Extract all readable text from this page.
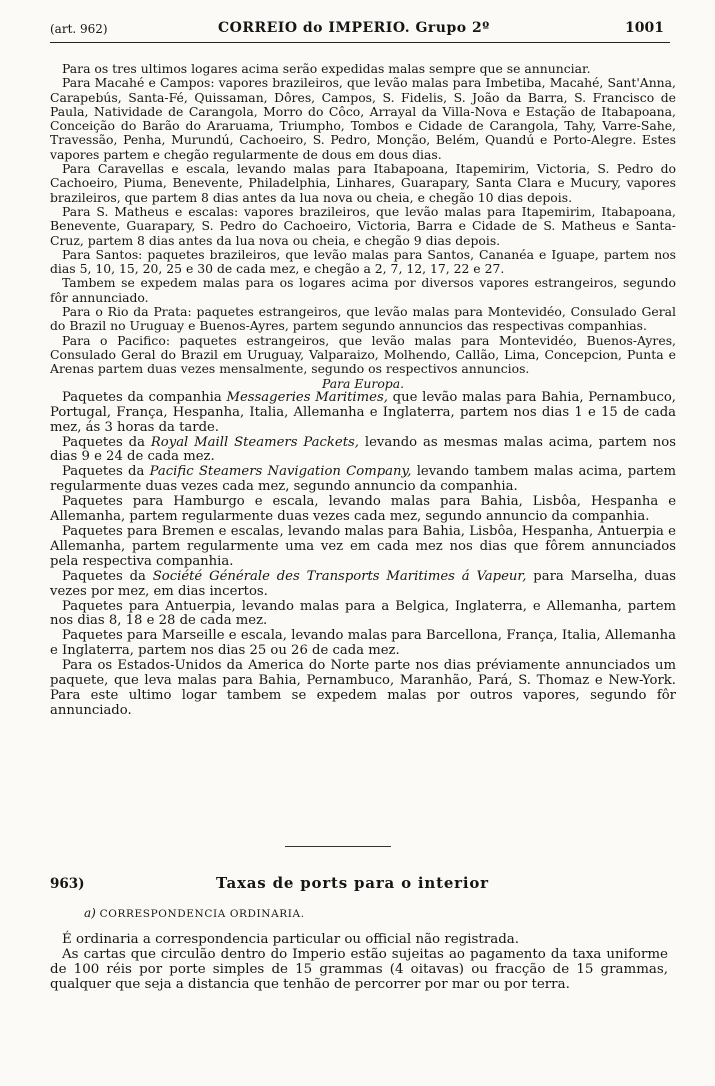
(art. 962)	CORREIO do IMPERIO. Grupo 2º	1001

Para os tres ultimos logares acima serão expedidas malas sempre que se annunciar.

Para Macahé e Campos: vapores brazileiros, que levão malas para Imbetiba, Macahé, Sant'Anna, Carapebús, Santa-Fé, Quissaman, Dôres, Campos, S. Fidelis, S. João da Barra, S. Francisco de Paula, Natividade de Carangola, Morro do Côco, Arrayal da Villa-Nova e Estação de Itabapoana, Conceição do Barão do Araruama, Triumpho, Tombos e Cidade de Carangola, Tahy, Varre-Sahe, Travessão, Penha, Murundú, Cachoeiro, S. Pedro, Monção, Belém, Quandú e Porto-Alegre. Estes vapores partem e chegão regularmente de dous em dous dias.

Para Caravellas e escala, levando malas para Itabapoana, Itapemirim, Victoria, S. Pedro do Cachoeiro, Piuma, Benevente, Philadelphia, Linhares, Guarapary, Santa Clara e Mucury, vapores brazileiros, que partem 8 dias antes da lua nova ou cheia, e chegão 10 dias depois.

Para S. Matheus e escalas: vapores brazileiros, que levão malas para Itapemirim, Itabapoana, Benevente, Guarapary, S. Pedro do Cachoeiro, Victoria, Barra e Cidade de S. Matheus e Santa-Cruz, partem 8 dias antes da lua nova ou cheia, e chegão 9 dias depois.

Para Santos: paquetes brazileiros, que levão malas para Santos, Cananéa e Iguape, partem nos dias 5, 10, 15, 20, 25 e 30 de cada mez, e chegão a 2, 7, 12, 17, 22 e 27.

Tambem se expedem malas para os logares acima por diversos vapores estrangeiros, segundo fôr annunciado.

Para o Rio da Prata: paquetes estrangeiros, que levão malas para Montevidéo, Consulado Geral do Brazil no Uruguay e Buenos-Ayres, partem segundo annuncios das respectivas companhias.

Para o Pacifico: paquetes estrangeiros, que levão malas para Montevidéo, Buenos-Ayres, Consulado Geral do Brazil em Uruguay, Valparaizo, Molhendo, Callão, Lima, Concepcion, Punta e Arenas partem duas vezes mensalmente, segundo os respectivos annuncios.

Para Europa.

Paquetes da companhia Messageries Maritimes, que levão malas para Bahia, Pernambuco, Portugal, França, Hespanha, Italia, Allemanha e Inglaterra, partem nos dias 1 e 15 de cada mez, ás 3 horas da tarde.

Paquetes da Royal Maill Steamers Packets, levando as mesmas malas acima, partem nos dias 9 e 24 de cada mez.

Paquetes da Pacific Steamers Navigation Company, levando tambem malas acima, partem regularmente duas vezes cada mez, segundo annuncio da companhia.

Paquetes para Hamburgo e escala, levando malas para Bahia, Lisbôa, Hespanha e Allemanha, partem regularmente duas vezes cada mez, segundo annuncio da companhia.

Paquetes para Bremen e escalas, levando malas para Bahia, Lisbôa, Hespanha, Antuerpia e Allemanha, partem regularmente uma vez em cada mez nos dias que fôrem annunciados pela respectiva companhia.

Paquetes da Société Générale des Transports Maritimes á Vapeur, para Marselha, duas vezes por mez, em dias incertos.

Paquetes para Antuerpia, levando malas para a Belgica, Inglaterra, e Allemanha, partem nos dias 8, 18 e 28 de cada mez.

Paquetes para Marseille e escala, levando malas para Barcellona, França, Italia, Allemanha e Inglaterra, partem nos dias 25 ou 26 de cada mez.

Para os Estados-Unidos da America do Norte parte nos dias préviamente annunciados um paquete, que leva malas para Bahia, Pernambuco, Maranhão, Pará, S. Thomaz e New-York. Para este ultimo logar tambem se expedem malas por outros vapores, segundo fôr annunciado.

963)	Taxas de ports para o interior
a) CORRESPONDENCIA ORDINARIA.

É ordinaria a correspondencia particular ou official não registrada.

As cartas que circulão dentro do Imperio estão sujeitas ao pagamento da taxa uniforme de 100 réis por porte simples de 15 grammas (4 oitavas) ou fracção de 15 grammas, qualquer que seja a distancia que tenhão de percorrer por mar ou por terra.
